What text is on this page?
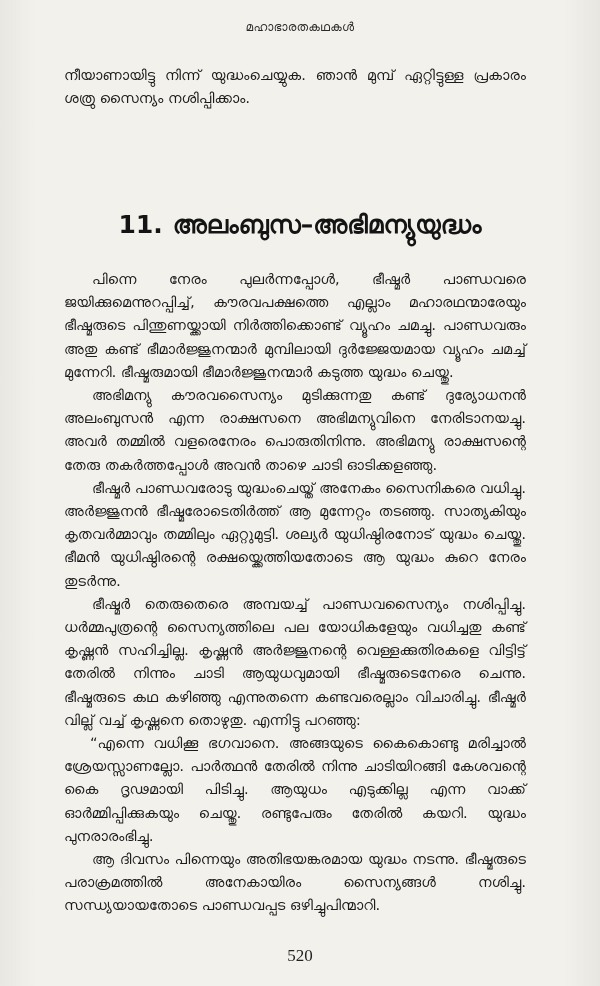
മഹാഭാരതകഥകൾ
നീയാണായിട്ടു നിന്ന് യുദ്ധംചെയ്യുക. ഞാൻ മുമ്പ് ഏറ്റിട്ടുള്ള പ്രകാരം ശത്രു സൈന്യം നശിപ്പിക്കാം.
11. അലംബുസ–അഭിമന്യുയുദ്ധം

പിന്നെ നേരം പുലർന്നപ്പോൾ, ഭീഷ്മർ പാണ്ഡവരെ ജയിക്കുമെന്നുറപ്പിച്ച്, കൗരവപക്ഷത്തെ എല്ലാം മഹാരഥന്മാരേയും ഭീഷ്മരുടെ പിന്തുണയ്ക്കായി നിർത്തിക്കൊണ്ട് വ്യൂഹം ചമച്ചു. പാണ്ഡവരും അതു കണ്ട് ഭീമാർജ്ജുനന്മാർ മുമ്പിലായി ദുർജ്ജേയമായ വ്യൂഹം ചമച്ച് മുന്നേറി. ഭീഷ്മരുമായി ഭീമാർജ്ജുനന്മാർ കടുത്ത യുദ്ധം ചെയ്തു.

അഭിമന്യു കൗരവസൈന്യം മുടിക്കുന്നതു കണ്ട് ദുര്യോധനൻ അലംബുസൻ എന്ന രാക്ഷസനെ അഭിമന്യുവിനെ നേരിടാനയച്ചു. അവർ തമ്മിൽ വളരെനേരം പൊരുതിനിന്നു. അഭിമന്യു രാക്ഷസന്റെ തേരു തകർത്തപ്പോൾ അവൻ താഴെ ചാടി ഓടിക്കളഞ്ഞു.

ഭീഷ്മർ പാണ്ഡവരോടു യുദ്ധംചെയ്ത് അനേകം സൈനികരെ വധിച്ചു. അർജ്ജുനൻ ഭീഷ്മരോടെതിർത്ത് ആ മുന്നേറ്റം തടഞ്ഞു. സാത്യകിയും കൃതവർമ്മാവും തമ്മിലും ഏറ്റുമുട്ടി. ശല്യർ യുധിഷ്ഠിരനോട് യുദ്ധം ചെയ്തു. ഭീമൻ യുധിഷ്ഠിരന്റെ രക്ഷയ്ക്കെത്തിയതോടെ ആ യുദ്ധം കുറെ നേരം തുടർന്നു.

ഭീഷ്മർ തെരുതെരെ അമ്പയച്ച് പാണ്ഡവസൈന്യം നശിപ്പിച്ചു. ധർമ്മപുത്രന്റെ സൈന്യത്തിലെ പല യോധികളേയും വധിച്ചതു കണ്ട് കൃഷ്ണൻ സഹിച്ചില്ല. കൃഷ്ണൻ അർജ്ജുനന്റെ വെള്ളക്കുതിരകളെ വിട്ടിട്ട് തേരിൽ നിന്നും ചാടി ആയുധവുമായി ഭീഷ്മരുടെനേരെ ചെന്നു. ഭീഷ്മരുടെ കഥ കഴിഞ്ഞു എന്നുതന്നെ കണ്ടവരെല്ലാം വിചാരിച്ചു. ഭീഷ്മർ വില്ല് വച്ച് കൃഷ്ണനെ തൊഴുതു. എന്നിട്ടു പറഞ്ഞു:

“എന്നെ വധിക്കൂ ഭഗവാനെ. അങ്ങയുടെ കൈകൊണ്ടു മരിച്ചാൽ ശ്രേയസ്സാണല്ലോ. പാർത്ഥൻ തേരിൽ നിന്നു ചാടിയിറങ്ങി കേശവന്റെ കൈ ദൃഢമായി പിടിച്ചു. ആയുധം എടുക്കില്ല എന്ന വാക്ക് ഓർമ്മിപ്പിക്കുകയും ചെയ്തു. രണ്ടുപേരും തേരിൽ കയറി. യുദ്ധം പുനരാരംഭിച്ചു.

ആ ദിവസം പിന്നെയും അതിഭയങ്കരമായ യുദ്ധം നടന്നു. ഭീഷ്മരുടെ പരാക്രമത്തിൽ അനേകായിരം സൈന്യങ്ങൾ നശിച്ചു. സന്ധ്യയായതോടെ പാണ്ഡവപ്പട ഒഴിച്ചുപിന്മാറി.

520
